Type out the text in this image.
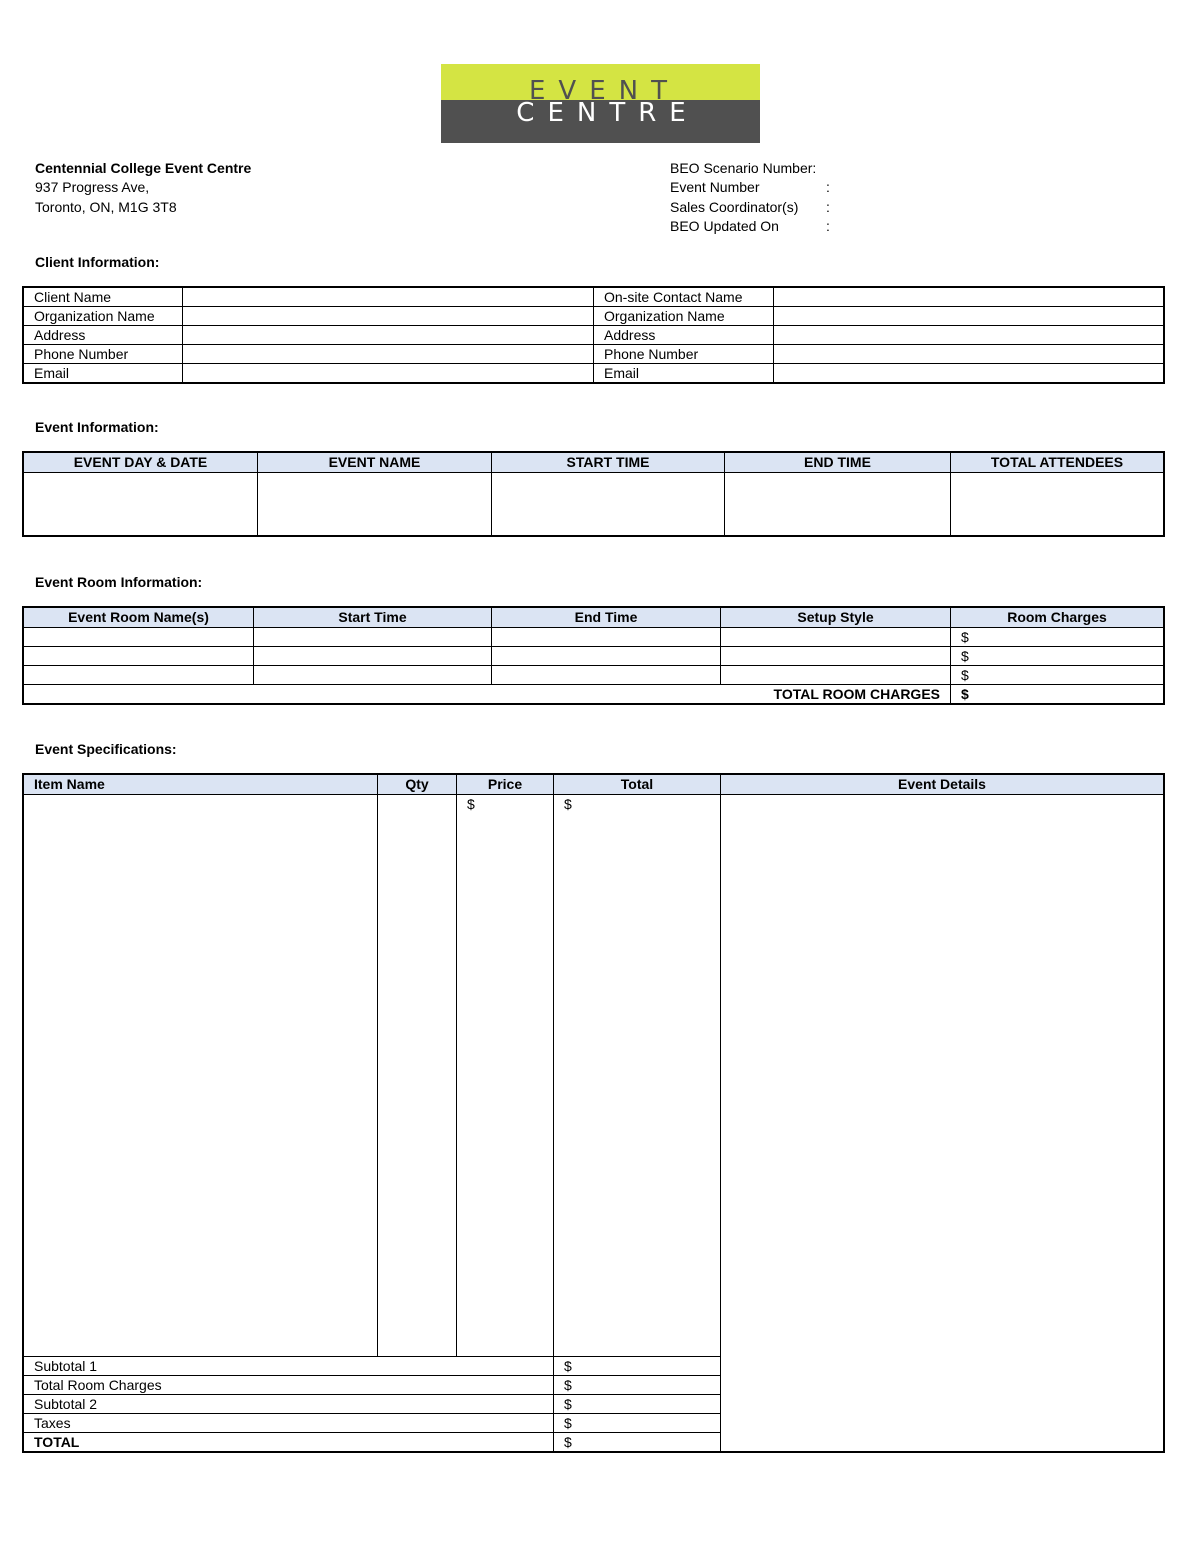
EVENT
CENTRE
Centennial College Event Centre
937 Progress Ave,
Toronto, ON, M1G 3T8
BEO Scenario Number:
Event Number	:
Sales Coordinator(s) :
BEO Updated On	:
Client Information:
Client Name		On-site Contact Name	
Organization Name		Organization Name	
Address		Address	
Phone Number		Phone Number	
Email		Email	
Event Information:
EVENT DAY & DATE	EVENT NAME	START TIME	END TIME	TOTAL ATTENDEES

Event Room Information:
Event Room Name(s)	Start Time	End Time	Setup Style	Room Charges
				$
				$
				$
TOTAL ROOM CHARGES				$
Event Specifications:
Item Name	Qty	Price	Total	Event Details
		$	$	
Subtotal 1			$	
Total Room Charges			$	
Subtotal 2			$	
Taxes			$	
TOTAL			$	
